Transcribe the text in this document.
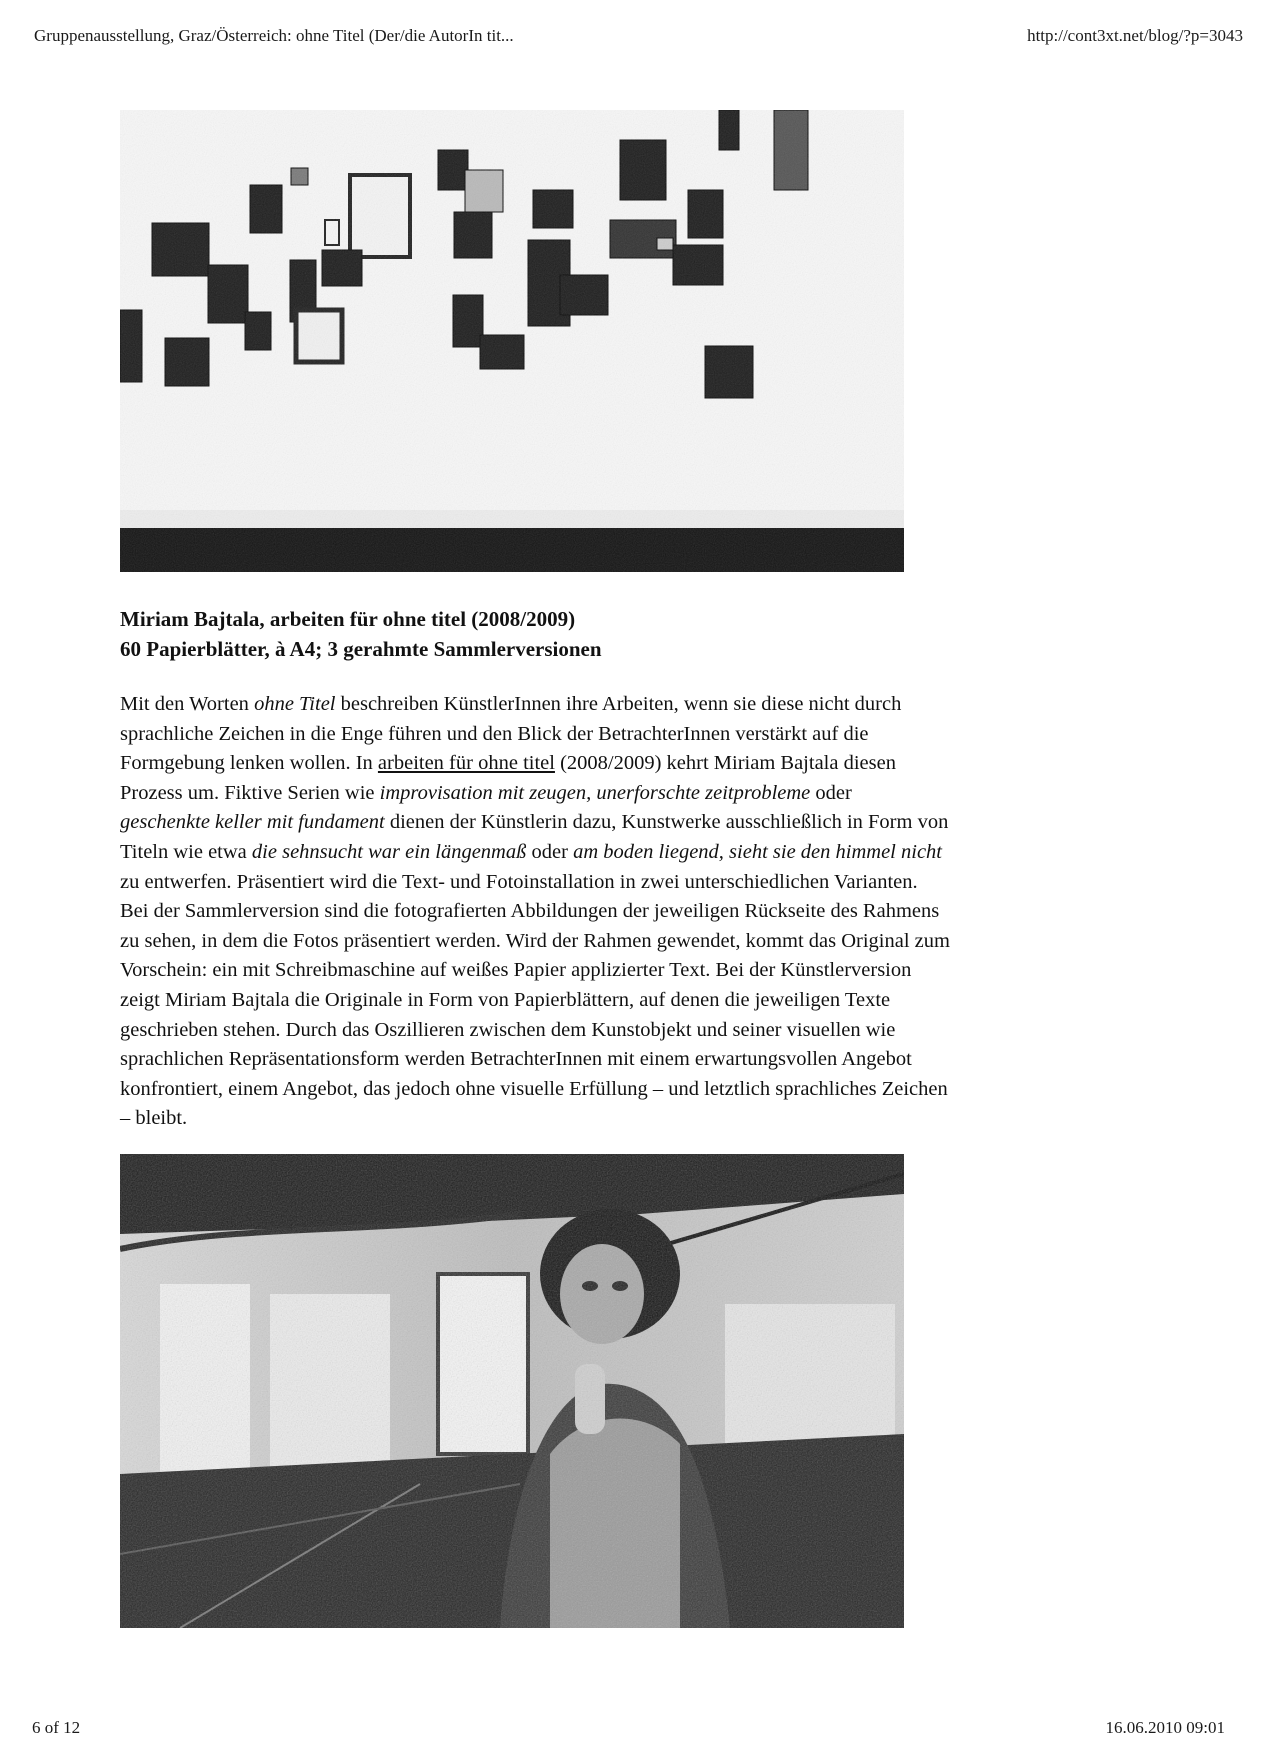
Gruppenausstellung, Graz/Österreich: ohne Titel (Der/die AutorIn tit...	http://cont3xt.net/blog/?p=3043
Miriam Bajtala, arbeiten für ohne titel (2008/2009)
60 Papierblätter, à A4; 3 gerahmte Sammlerversionen
Mit den Worten ohne Titel beschreiben KünstlerInnen ihre Arbeiten, wenn sie diese nicht durch
sprachliche Zeichen in die Enge führen und den Blick der BetrachterInnen verstärkt auf die
Formgebung lenken wollen. In arbeiten für ohne titel (2008/2009) kehrt Miriam Bajtala diesen
Prozess um. Fiktive Serien wie improvisation mit zeugen, unerforschte zeitprobleme oder
geschenkte keller mit fundament dienen der Künstlerin dazu, Kunstwerke ausschließlich in Form von
Titeln wie etwa die sehnsucht war ein längenmaß oder am boden liegend, sieht sie den himmel nicht
zu entwerfen. Präsentiert wird die Text- und Fotoinstallation in zwei unterschiedlichen Varianten.
Bei der Sammlerversion sind die fotografierten Abbildungen der jeweiligen Rückseite des Rahmens
zu sehen, in dem die Fotos präsentiert werden. Wird der Rahmen gewendet, kommt das Original zum
Vorschein: ein mit Schreibmaschine auf weißes Papier applizierter Text. Bei der Künstlerversion
zeigt Miriam Bajtala die Originale in Form von Papierblättern, auf denen die jeweiligen Texte
geschrieben stehen. Durch das Oszillieren zwischen dem Kunstobjekt und seiner visuellen wie
sprachlichen Repräsentationsform werden BetrachterInnen mit einem erwartungsvollen Angebot
konfrontiert, einem Angebot, das jedoch ohne visuelle Erfüllung – und letztlich sprachliches Zeichen
– bleibt.
6 of 12	16.06.2010 09:01
